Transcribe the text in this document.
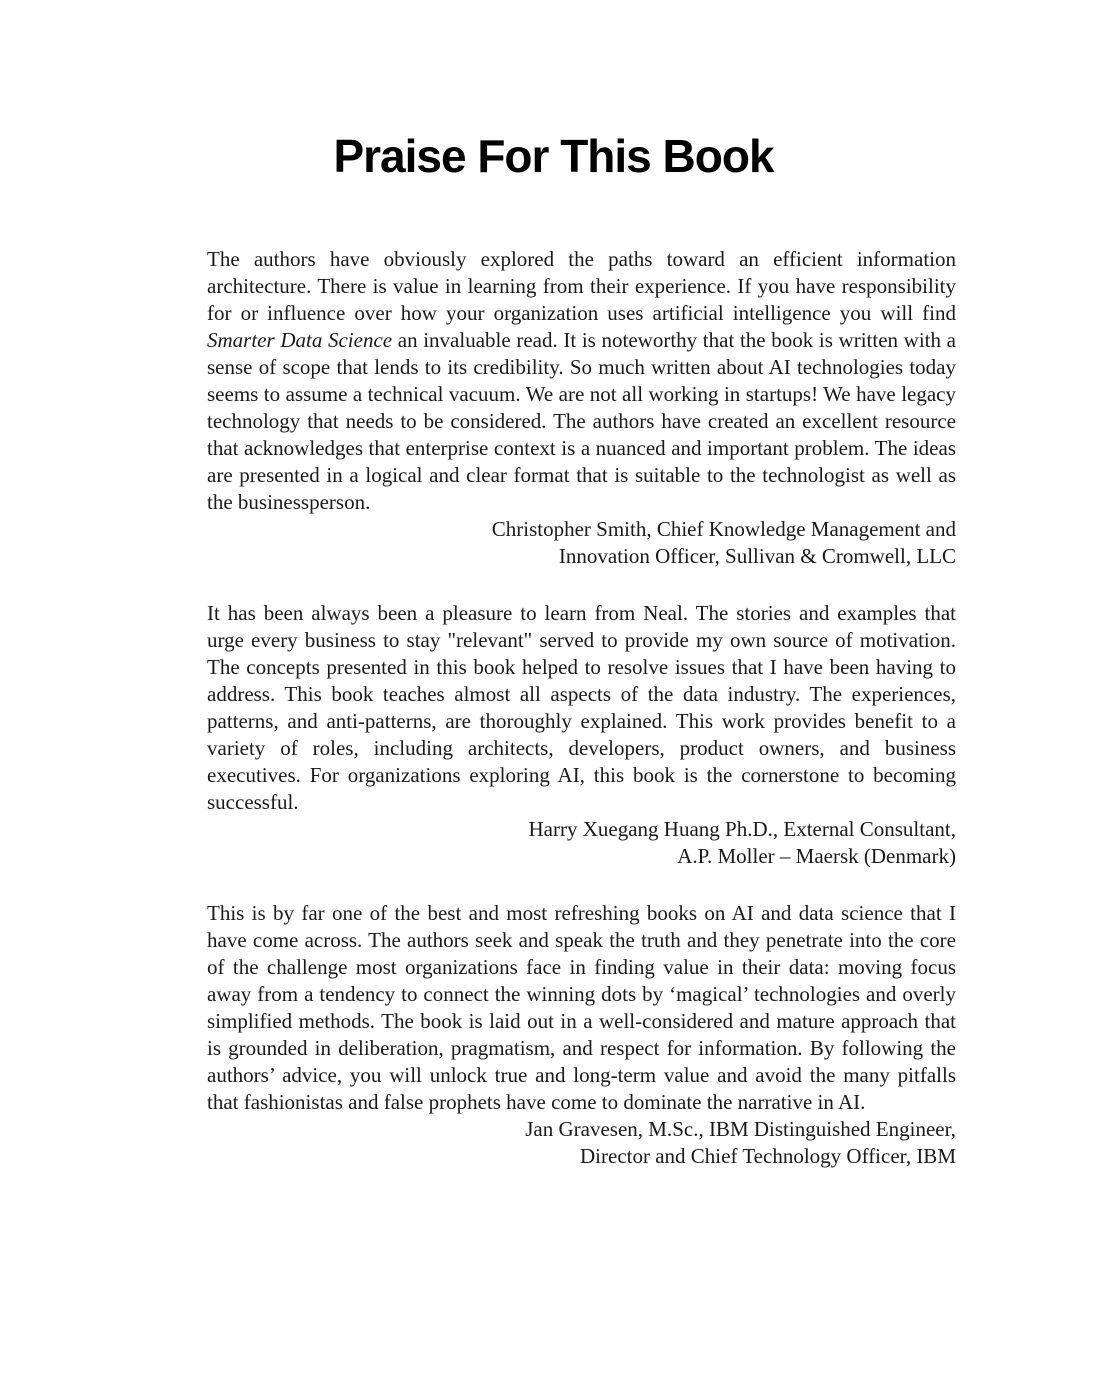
Praise For This Book

The authors have obviously explored the paths toward an efficient information architecture. There is value in learning from their experience. If you have responsibility for or influence over how your organization uses artificial intelligence you will find Smarter Data Science an invaluable read. It is noteworthy that the book is written with a sense of scope that lends to its credibility. So much written about AI technologies today seems to assume a technical vacuum. We are not all working in startups! We have legacy technology that needs to be considered. The authors have created an excellent resource that acknowledges that enterprise context is a nuanced and important problem. The ideas are presented in a logical and clear format that is suitable to the technologist as well as the businessperson.

Christopher Smith, Chief Knowledge Management and
Innovation Officer, Sullivan & Cromwell, LLC

It has been always been a pleasure to learn from Neal. The stories and examples that urge every business to stay "relevant" served to provide my own source of motivation. The concepts presented in this book helped to resolve issues that I have been having to address. This book teaches almost all aspects of the data industry. The experiences, patterns, and anti-patterns, are thoroughly explained. This work provides benefit to a variety of roles, including architects, developers, product owners, and business executives. For organizations exploring AI, this book is the cornerstone to becoming successful.

Harry Xuegang Huang Ph.D., External Consultant,
A.P. Moller – Maersk (Denmark)

This is by far one of the best and most refreshing books on AI and data science that I have come across. The authors seek and speak the truth and they penetrate into the core of the challenge most organizations face in finding value in their data: moving focus away from a tendency to connect the winning dots by ‘magical’ technologies and overly simplified methods. The book is laid out in a well-considered and mature approach that is grounded in deliberation, pragmatism, and respect for information. By following the authors’ advice, you will unlock true and long-term value and avoid the many pitfalls that fashionistas and false prophets have come to dominate the narrative in AI.

Jan Gravesen, M.Sc., IBM Distinguished Engineer,
Director and Chief Technology Officer, IBM
